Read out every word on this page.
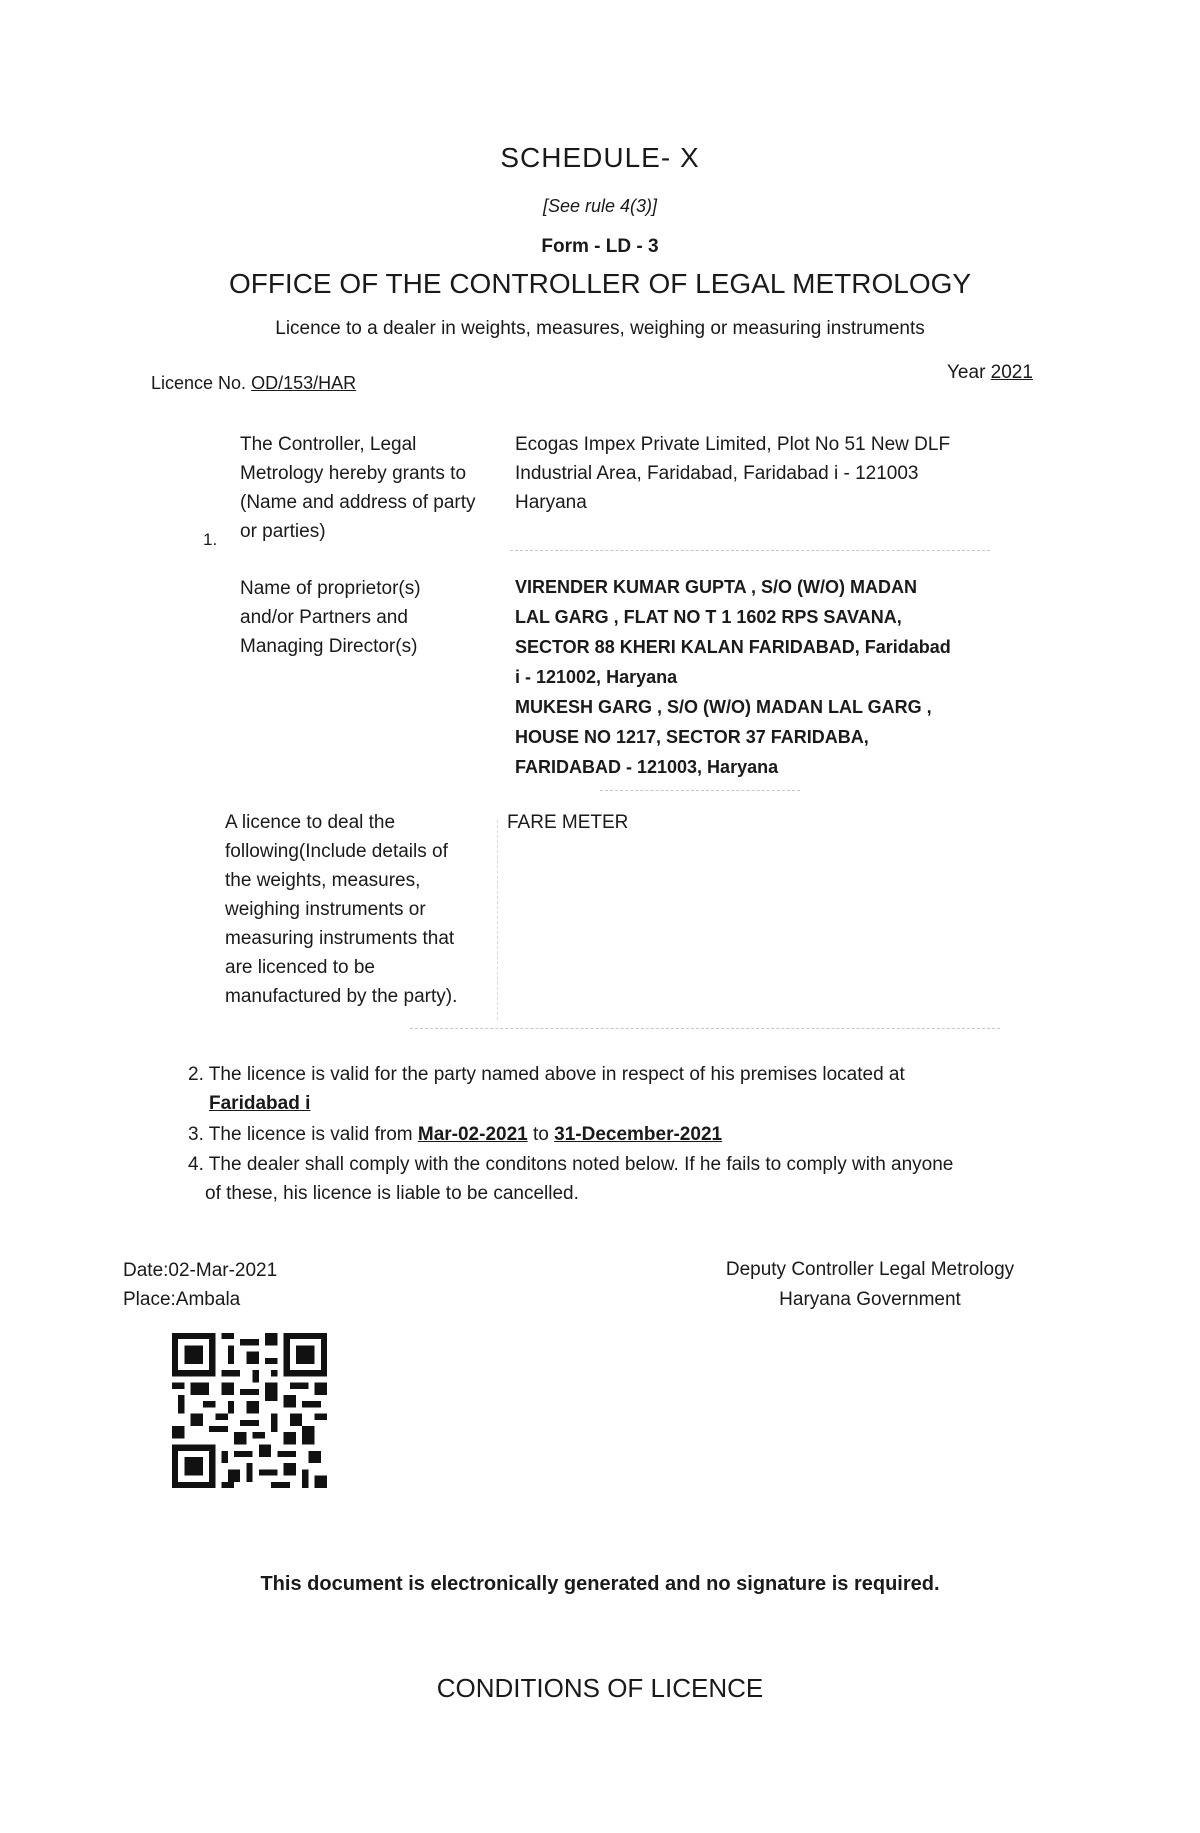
SCHEDULE- X
[See rule 4(3)]
Form - LD - 3
OFFICE OF THE CONTROLLER OF LEGAL METROLOGY
Licence to a dealer in weights, measures, weighing or measuring instruments
Licence No. OD/153/HAR	Year 2021
1.
The Controller, Legal
Metrology hereby grants to
(Name and address of party
or parties)
Ecogas Impex Private Limited, Plot No 51 New DLF
Industrial Area, Faridabad, Faridabad i - 121003
Haryana
Name of proprietor(s)
and/or Partners and
Managing Director(s)
VIRENDER KUMAR GUPTA , S/O (W/O) MADAN
LAL GARG , FLAT NO T 1 1602 RPS SAVANA,
SECTOR 88 KHERI KALAN FARIDABAD, Faridabad
i - 121002, Haryana
MUKESH GARG , S/O (W/O) MADAN LAL GARG ,
HOUSE NO 1217, SECTOR 37 FARIDABA,
FARIDABAD - 121003, Haryana
A licence to deal the
following(Include details of
the weights, measures,
weighing instruments or
measuring instruments that
are licenced to be
manufactured by the party).
FARE METER
2. The licence is valid for the party named above in respect of his premises located at
Faridabad i
3. The licence is valid from Mar-02-2021 to 31-December-2021
4. The dealer shall comply with the conditons noted below. If he fails to comply with anyone
of these, his licence is liable to be cancelled.
Date:02-Mar-2021
Place:Ambala
Deputy Controller Legal Metrology
Haryana Government
This document is electronically generated and no signature is required.
CONDITIONS OF LICENCE
